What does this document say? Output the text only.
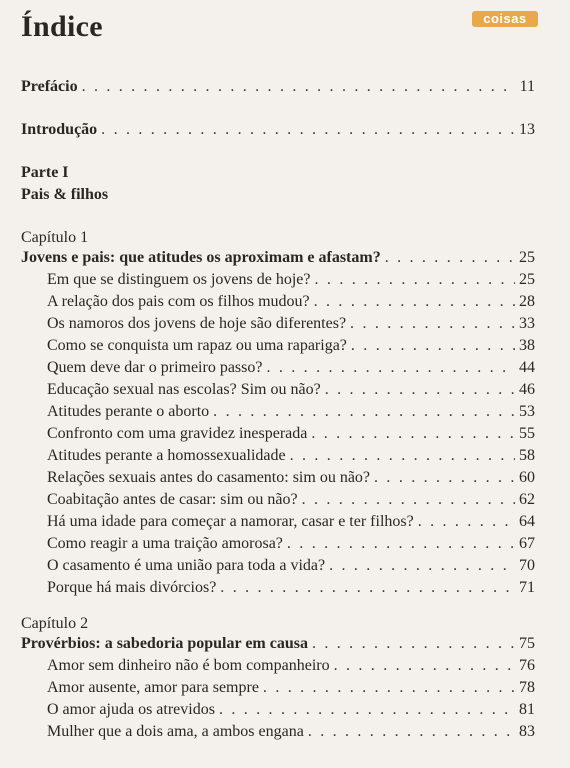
Índice	coisas
Prefácio . . .	11
Introdução . . .	13
Parte I
Pais & filhos
Capítulo 1
Jovens e pais: que atitudes os aproximam e afastam? . . .	25
Em que se distinguem os jovens de hoje? . . .	25
A relação dos pais com os filhos mudou? . . .	28
Os namoros dos jovens de hoje são diferentes? . . .	33
Como se conquista um rapaz ou uma rapariga? . . .	38
Quem deve dar o primeiro passo? . . .	44
Educação sexual nas escolas? Sim ou não? . . .	46
Atitudes perante o aborto . . .	53
Confronto com uma gravidez inesperada . . .	55
Atitudes perante a homossexualidade . . .	58
Relações sexuais antes do casamento: sim ou não? . . .	60
Coabitação antes de casar: sim ou não? . . .	62
Há uma idade para começar a namorar, casar e ter filhos? . . .	64
Como reagir a uma traição amorosa? . . .	67
O casamento é uma união para toda a vida? . . .	70
Porque há mais divórcios? . . .	71
Capítulo 2
Provérbios: a sabedoria popular em causa . . .	75
Amor sem dinheiro não é bom companheiro . . .	76
Amor ausente, amor para sempre . . .	78
O amor ajuda os atrevidos . . .	81
Mulher que a dois ama, a ambos engana . . .	83
